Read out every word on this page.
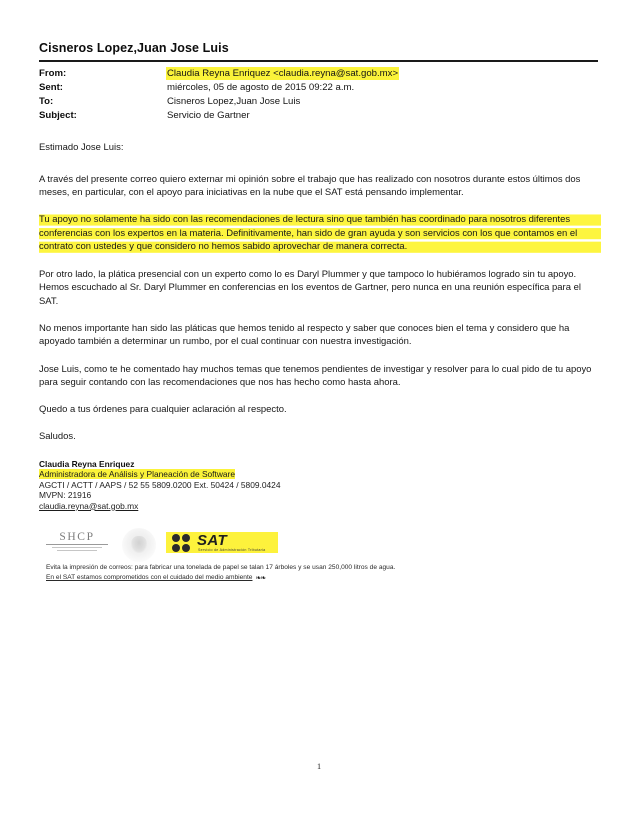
Cisneros Lopez,Juan Jose Luis
From:	Claudia Reyna Enriquez <claudia.reyna@sat.gob.mx>
Sent:	miércoles, 05 de agosto de 2015 09:22 a.m.
To:	Cisneros Lopez,Juan Jose Luis
Subject:	Servicio de Gartner

Estimado Jose Luis:

A través del presente correo quiero externar mi opinión sobre el trabajo que has realizado con nosotros durante estos últimos dos meses, en particular, con el apoyo para iniciativas en la nube que el SAT está pensando implementar.

Tu apoyo no solamente ha sido con las recomendaciones de lectura sino que también has coordinado para nosotros diferentes conferencias con los expertos en la materia. Definitivamente, han sido de gran ayuda y son servicios con los que contamos en el contrato con ustedes y que considero no hemos sabido aprovechar de manera correcta.

Por otro lado, la plática presencial con un experto como lo es Daryl Plummer y que tampoco lo hubiéramos logrado sin tu apoyo. Hemos escuchado al Sr. Daryl Plummer en conferencias en los eventos de Gartner, pero nunca en una reunión específica para el SAT.

No menos importante han sido las pláticas que hemos tenido al respecto y saber que conoces bien el tema y considero que ha apoyado también a determinar un rumbo, por el cual continuar con nuestra investigación.

Jose Luis, como te he comentado hay muchos temas que tenemos pendientes de investigar y resolver para lo cual pido de tu apoyo para seguir contando con las recomendaciones que nos has hecho como hasta ahora.

Quedo a tus órdenes para cualquier aclaración al respecto.

Saludos.

Claudia Reyna Enriquez
Administradora de Análisis y Planeación de Software
AGCTI / ACTT / AAPS / 52 55 5809.0200 Ext. 50424 / 5809.0424
MVPN: 21916
claudia.reyna@sat.gob.mx
SHCP	SAT
Servicio de Administración Tributaria
Evita la impresión de correos: para fabricar una tonelada de papel se talan 17 árboles y se usan 250,000 litros de agua.
En el SAT estamos comprometidos con el cuidado del medio ambiente ❧❧
1
